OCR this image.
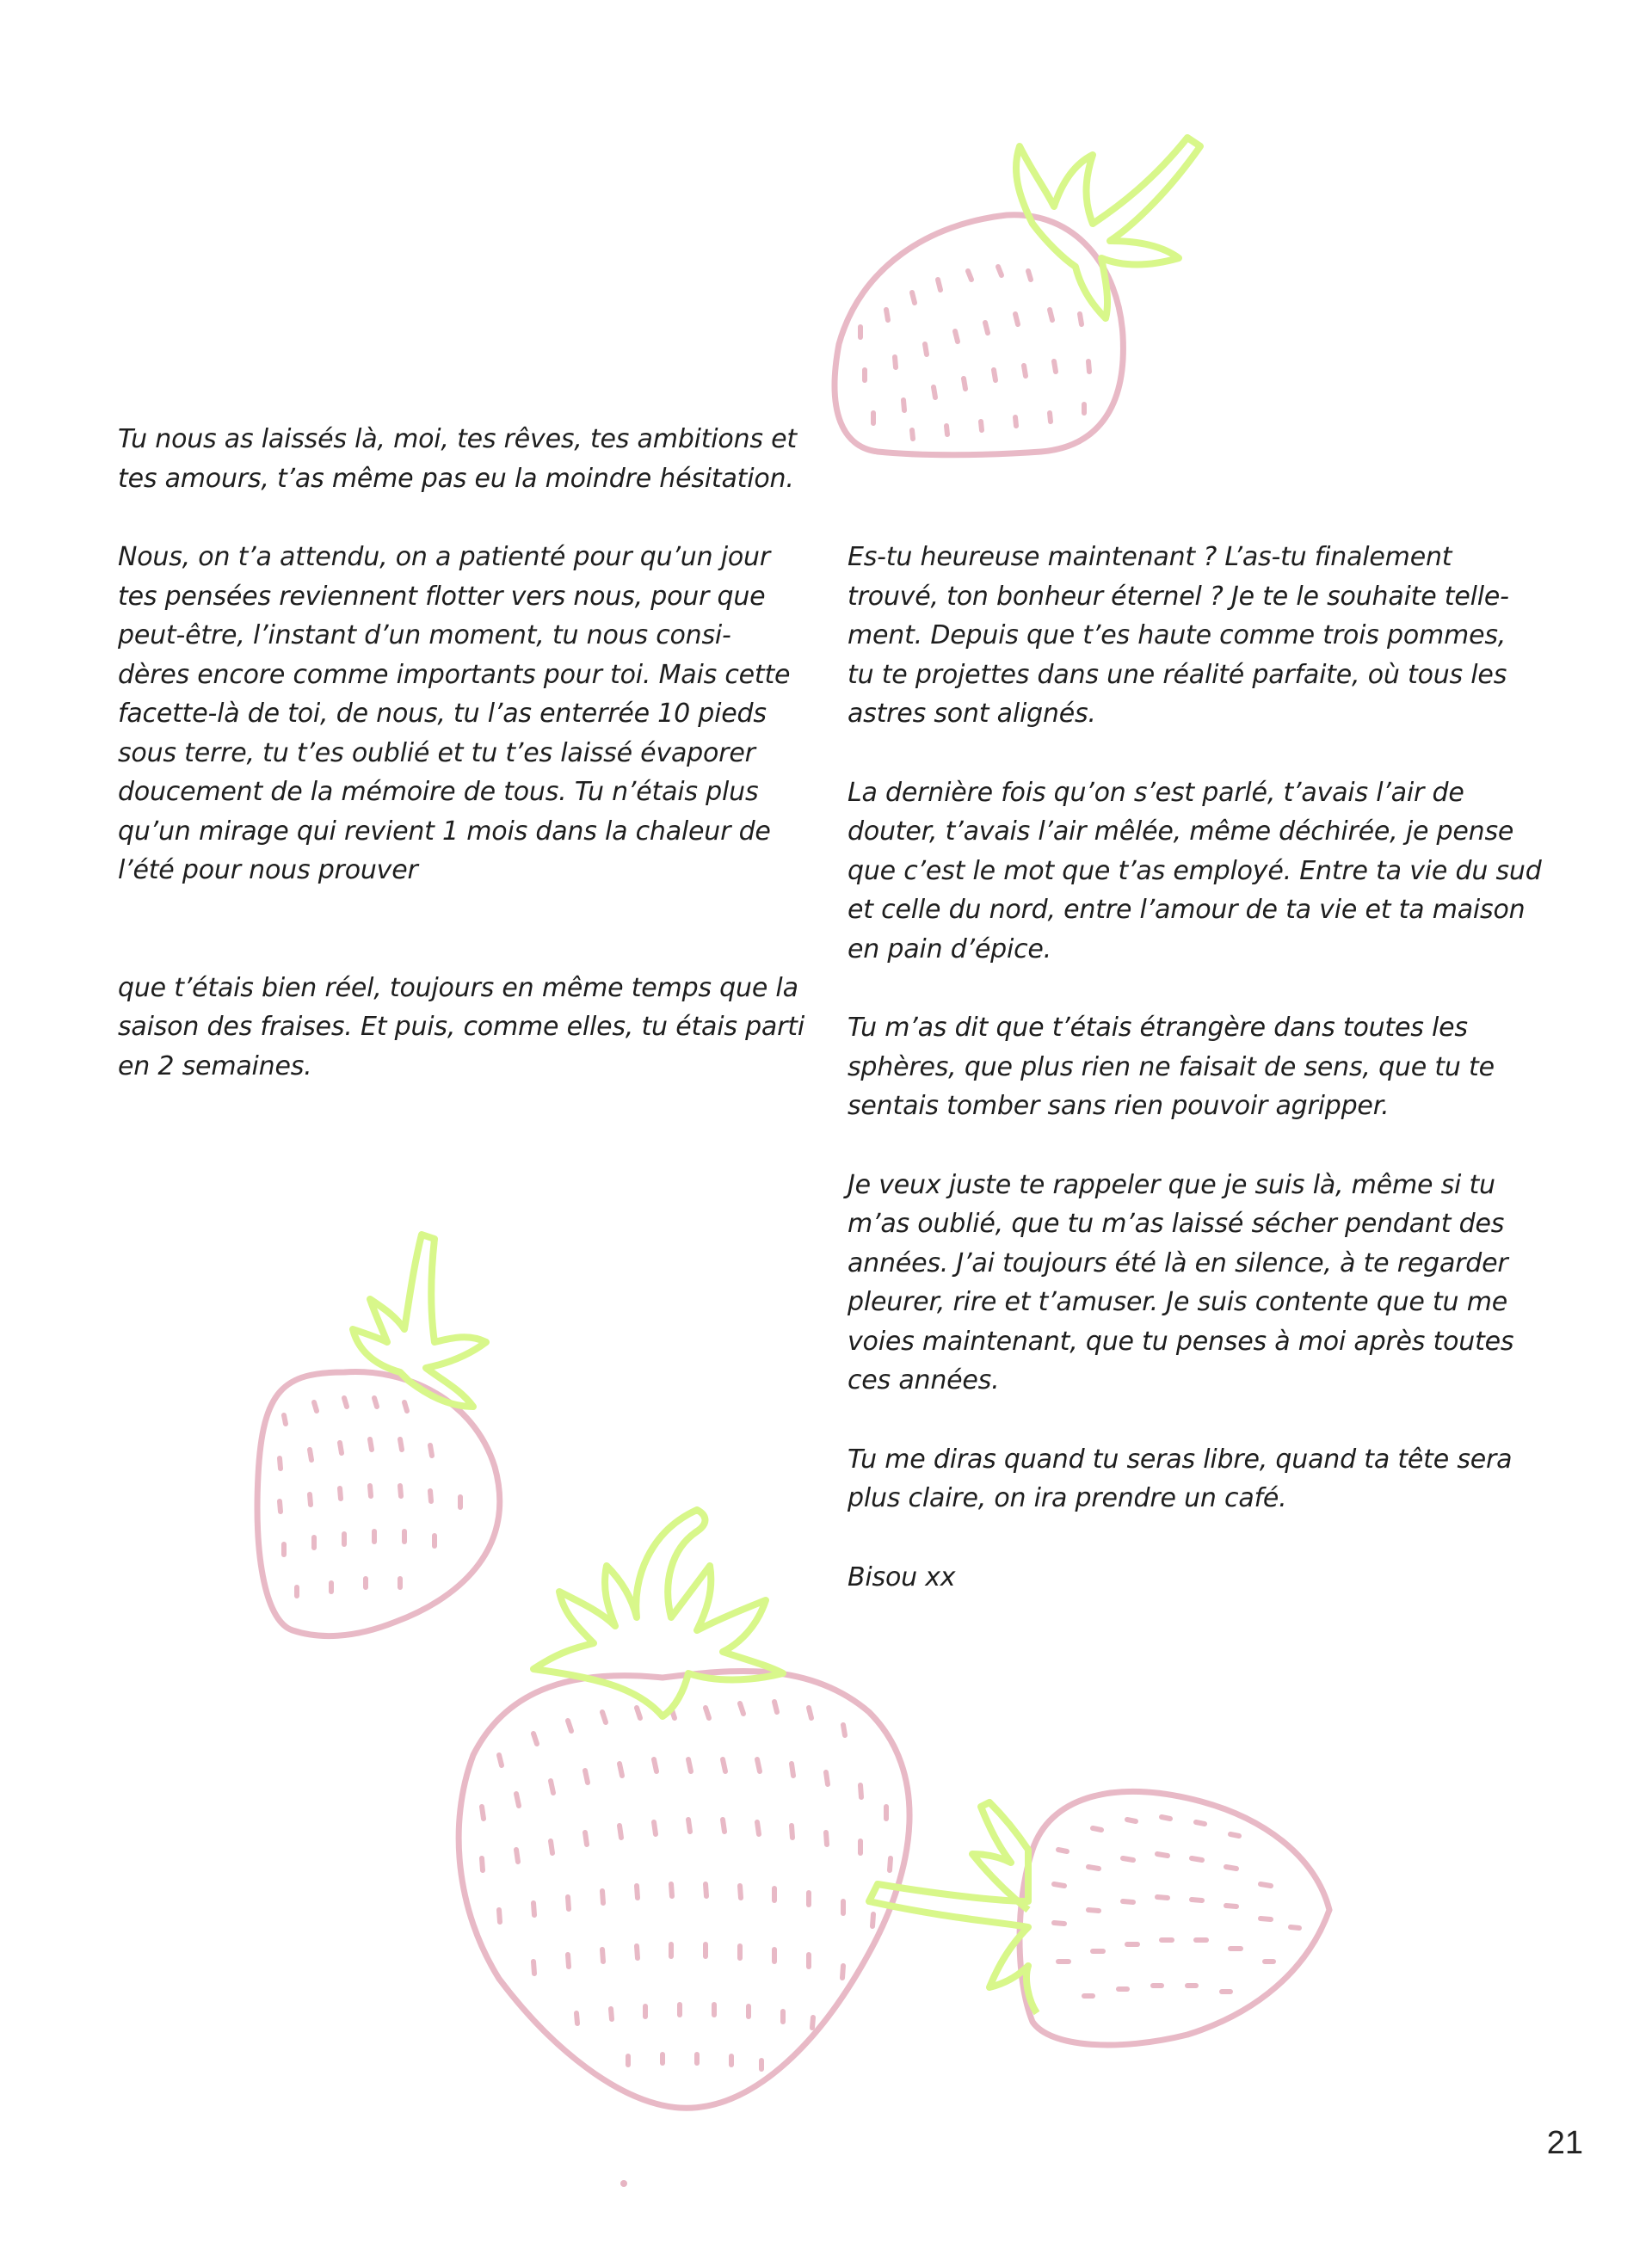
Tu nous as laissés là, moi, tes rêves, tes ambitions et
tes amours, t’as même pas eu la moindre hésitation.

Nous, on t’a attendu, on a patienté pour qu’un jour
tes pensées reviennent flotter vers nous, pour que
peut-être, l’instant d’un moment, tu nous consi-
dères encore comme importants pour toi. Mais cette
facette-là de toi, de nous, tu l’as enterrée 10 pieds
sous terre, tu t’es oublié et tu t’es laissé évaporer
doucement de la mémoire de tous. Tu n’étais plus
qu’un mirage qui revient 1 mois dans la chaleur de
l’été pour nous prouver

que t’étais bien réel, toujours en même temps que la
saison des fraises. Et puis, comme elles, tu étais parti
en 2 semaines.

Es-tu heureuse maintenant ? L’as-tu finalement
trouvé, ton bonheur éternel ? Je te le souhaite telle-
ment. Depuis que t’es haute comme trois pommes,
tu te projettes dans une réalité parfaite, où tous les
astres sont alignés.

La dernière fois qu’on s’est parlé, t’avais l’air de
douter, t’avais l’air mêlée, même déchirée, je pense
que c’est le mot que t’as employé. Entre ta vie du sud
et celle du nord, entre l’amour de ta vie et ta maison
en pain d’épice.

Tu m’as dit que t’étais étrangère dans toutes les
sphères, que plus rien ne faisait de sens, que tu te
sentais tomber sans rien pouvoir agripper.

Je veux juste te rappeler que je suis là, même si tu
m’as oublié, que tu m’as laissé sécher pendant des
années. J’ai toujours été là en silence, à te regarder
pleurer, rire et t’amuser. Je suis contente que tu me
voies maintenant, que tu penses à moi après toutes
ces années.

Tu me diras quand tu seras libre, quand ta tête sera
plus claire, on ira prendre un café.

Bisou xx

21
